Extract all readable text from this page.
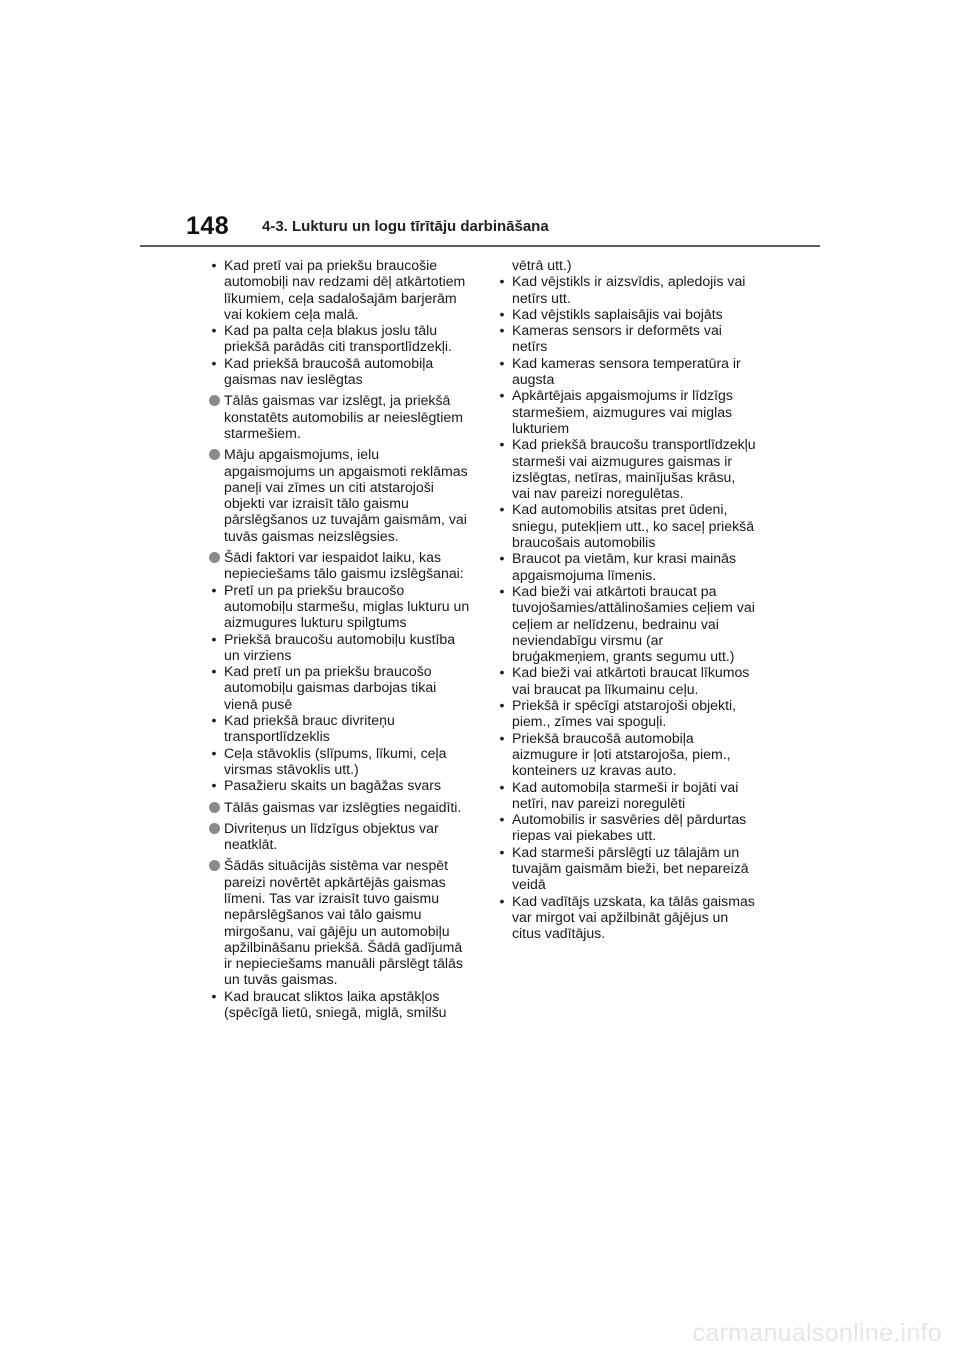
148 4-3. Lukturu un logu tīrītāju darbināšana
• Kad pretī vai pa priekšu braucošie automobiļi nav redzami dēļ atkārtotiem līkumiem, ceļa sadalošajām barjerām vai kokiem ceļa malā.
• Kad pa palta ceļa blakus joslu tālu priekšā parādās citi transportlīdzekļi.
• Kad priekšā braucošā automobiļa gaismas nav ieslēgtas
Tālās gaismas var izslēgt, ja priekšā konstatēts automobilis ar neieslēgtiem starmešiem.
Māju apgaismojums, ielu apgaismojums un apgaismoti reklāmas paneļi vai zīmes un citi atstarojoši objekti var izraisīt tālo gaismu pārslēgšanos uz tuvajām gaismām, vai tuvās gaismas neizslēgsies.
Šādi faktori var iespaidot laiku, kas nepieciešams tālo gaismu izslēgšanai:
• Pretī un pa priekšu braucošo automobiļu starmešu, miglas lukturu un aizmugures lukturu spilgtums
• Priekšā braucošu automobiļu kustība un virziens
• Kad pretī un pa priekšu braucošo automobiļu gaismas darbojas tikai vienā pusē
• Kad priekšā brauc divriteņu transportlīdzeklis
• Ceļa stāvoklis (slīpums, līkumi, ceļa virsmas stāvoklis utt.)
• Pasažieru skaits un bagāžas svars
Tālās gaismas var izslēgties negaidīti.
Divriteņus un līdzīgus objektus var neatklāt.
Šādās situācijās sistēma var nespēt pareizi novērtēt apkārtējās gaismas līmeni. Tas var izraisīt tuvo gaismu nepārslēgšanos vai tālo gaismu mirgošanu, vai gājēju un automobiļu apžilbināšanu priekšā. Šādā gadījumā ir nepieciešams manuāli pārslēgt tālās un tuvās gaismas.
• Kad braucat sliktos laika apstākļos (spēcīgā lietū, sniegā, miglā, smilšu
vētrā utt.)
• Kad vējstikls ir aizsvīdis, apledojis vai netīrs utt.
• Kad vējstikls saplaisājis vai bojāts
• Kameras sensors ir deformēts vai netīrs
• Kad kameras sensora temperatūra ir augsta
• Apkārtējais apgaismojums ir līdzīgs starmešiem, aizmugures vai miglas lukturiem
• Kad priekšā braucošu transportlīdzekļu starmeši vai aizmugures gaismas ir izslēgtas, netīras, mainījušas krāsu, vai nav pareizi noregulētas.
• Kad automobilis atsitas pret ūdeni, sniegu, putekļiem utt., ko saceļ priekšā braucošais automobilis
• Braucot pa vietām, kur krasi mainās apgaismojuma līmenis.
• Kad bieži vai atkārtoti braucat pa tuvojošamies/attālinošamies ceļiem vai ceļiem ar nelīdzenu, bedrainu vai neviendabīgu virsmu (ar bruģakmeņiem, grants segumu utt.)
• Kad bieži vai atkārtoti braucat līkumos vai braucat pa līkumainu ceļu.
• Priekšā ir spēcīgi atstarojoši objekti, piem., zīmes vai spoguļi.
• Priekšā braucošā automobiļa aizmugure ir ļoti atstarojoša, piem., konteiners uz kravas auto.
• Kad automobiļa starmeši ir bojāti vai netīri, nav pareizi noregulēti
• Automobilis ir sasvēries dēļ pārdurtas riepas vai piekabes utt.
• Kad starmeši pārslēgti uz tālajām un tuvajām gaismām bieži, bet nepareizā veidā
• Kad vadītājs uzskata, ka tālās gaismas var mirgot vai apžilbināt gājējus un citus vadītājus.
carmanualsonline.info
